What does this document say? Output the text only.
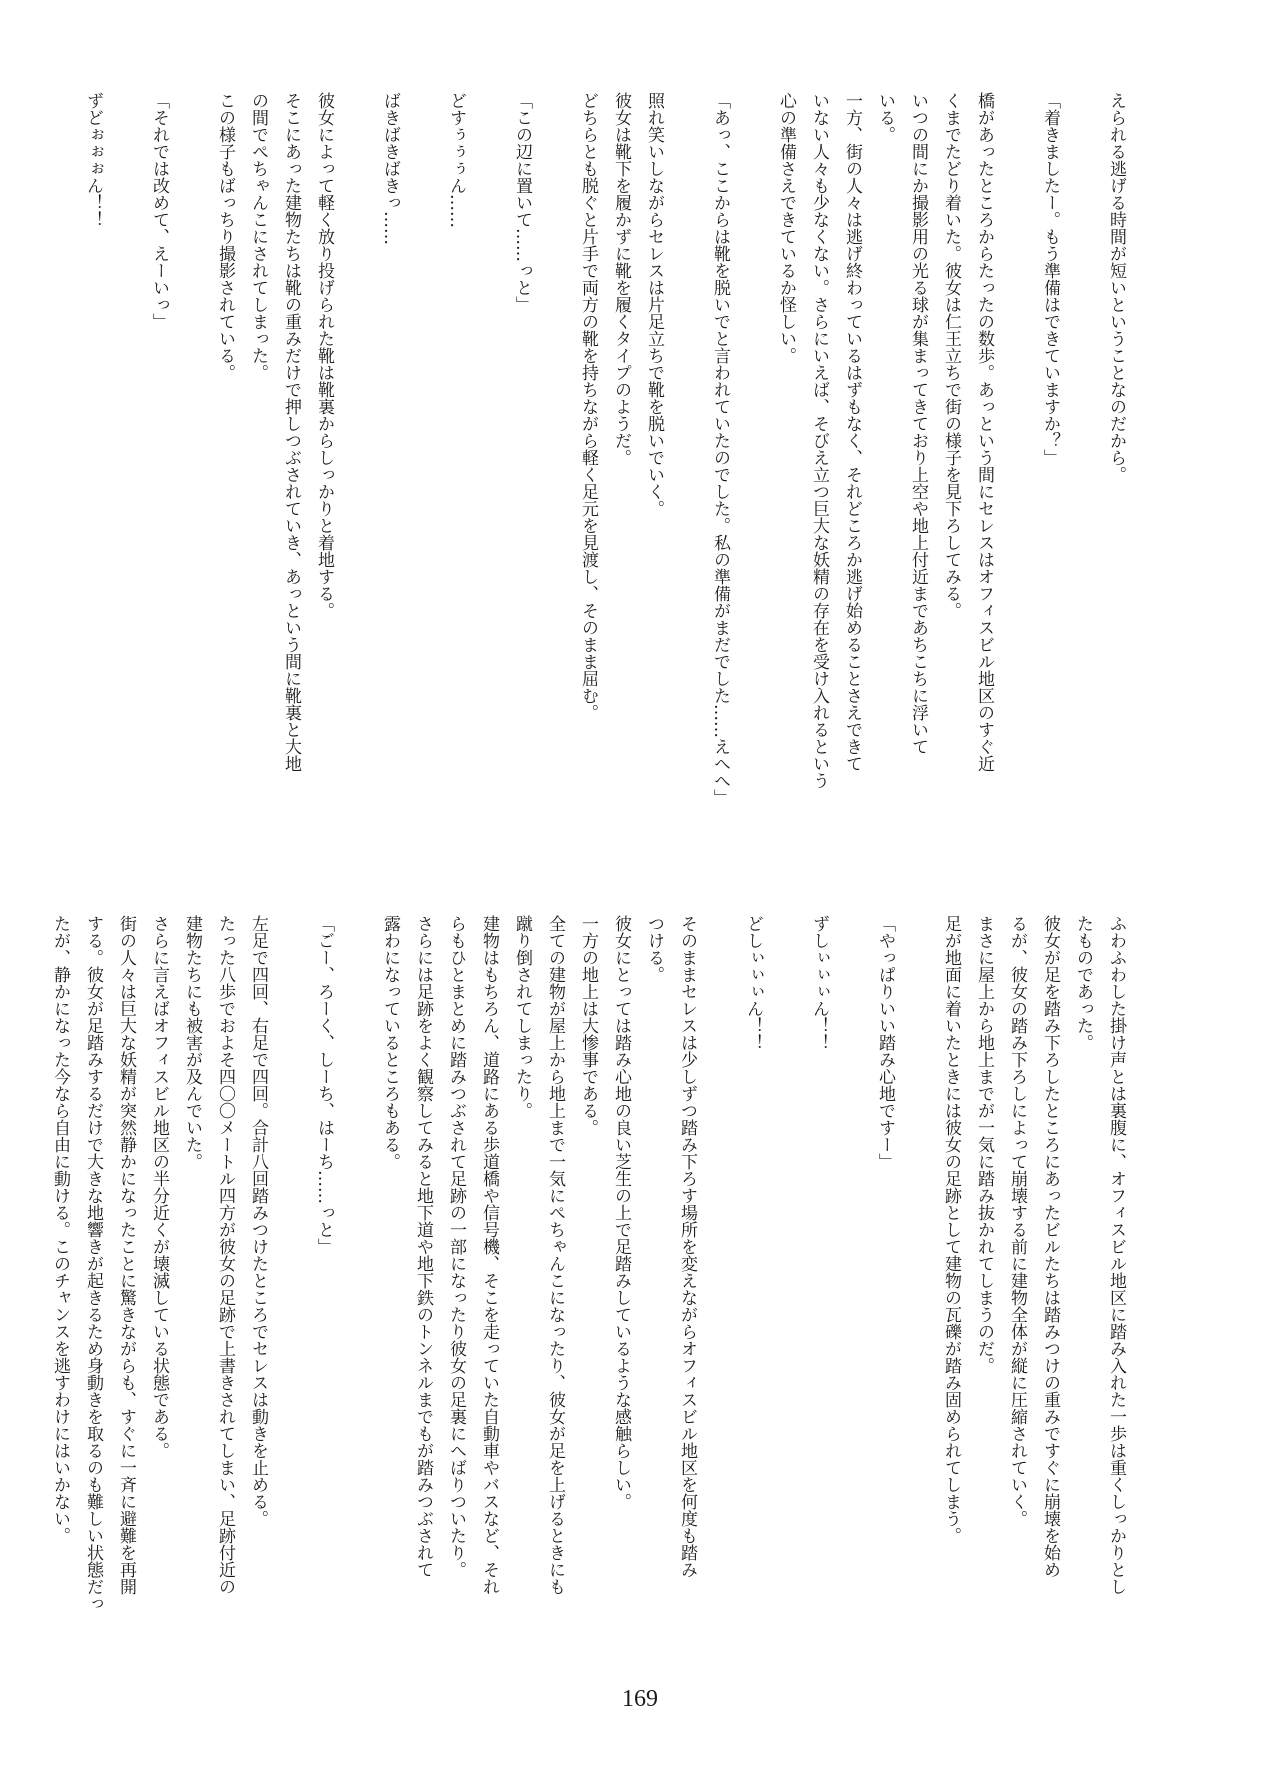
えられる逃げる時間が短いということなのだから。

「着きましたー。もう準備はできていますか？」

橋があったところからたったの数歩。あっという間にセレスはオフィスビル地区のすぐ近
くまでたどり着いた。彼女は仁王立ちで街の様子を見下ろしてみる。
いつの間にか撮影用の光る球が集まってきており上空や地上付近まであちこちに浮いて
いる。
一方、街の人々は逃げ終わっているはずもなく、それどころか逃げ始めることさえできて
いない人々も少なくない。さらにいえば、そびえ立つ巨大な妖精の存在を受け入れるという
心の準備さえできているか怪しい。

「あっ、ここからは靴を脱いでと言われていたのでした。私の準備がまだでした……えへへ」

照れ笑いしながらセレスは片足立ちで靴を脱いでいく。
彼女は靴下を履かずに靴を履くタイプのようだ。
どちらとも脱ぐと片手で両方の靴を持ちながら軽く足元を見渡し、そのまま屈む。

「この辺に置いて……っと」

どすぅぅぅん……

ばきばきばきっ……

彼女によって軽く放り投げられた靴は靴裏からしっかりと着地する。
そこにあった建物たちは靴の重みだけで押しつぶされていき、あっという間に靴裏と大地
の間でぺちゃんこにされてしまった。
この様子もばっちり撮影されている。

「それでは改めて、えーいっ」

ずどぉぉぉん！！
ふわふわした掛け声とは裏腹に、オフィスビル地区に踏み入れた一歩は重くしっかりとし
たものであった。
彼女が足を踏み下ろしたところにあったビルたちは踏みつけの重みですぐに崩壊を始め
るが、彼女の踏み下ろしによって崩壊する前に建物全体が縦に圧縮されていく。
まさに屋上から地上までが一気に踏み抜かれてしまうのだ。
足が地面に着いたときには彼女の足跡として建物の瓦礫が踏み固められてしまう。

「やっぱりいい踏み心地ですー」

ずしぃぃぃん！！

どしぃぃぃん！！

そのままセレスは少しずつ踏み下ろす場所を変えながらオフィスビル地区を何度も踏み
つける。
彼女にとっては踏み心地の良い芝生の上で足踏みしているような感触らしい。
一方の地上は大惨事である。
全ての建物が屋上から地上まで一気にぺちゃんこになったり、彼女が足を上げるときにも
蹴り倒されてしまったり。
建物はもちろん、道路にある歩道橋や信号機、そこを走っていた自動車やバスなど、それ
らもひとまとめに踏みつぶされて足跡の一部になったり彼女の足裏にへばりついたり。
さらには足跡をよく観察してみると地下道や地下鉄のトンネルまでもが踏みつぶされて
露わになっているところもある。

「ごー、ろーく、しーち、はーち……っと」

左足で四回、右足で四回。合計八回踏みつけたところでセレスは動きを止める。
たった八歩でおよそ四〇〇メートル四方が彼女の足跡で上書きされてしまい、足跡付近の
建物たちにも被害が及んでいた。
さらに言えばオフィスビル地区の半分近くが壊滅している状態である。
街の人々は巨大な妖精が突然静かになったことに驚きながらも、すぐに一斉に避難を再開
する。彼女が足踏みするだけで大きな地響きが起きるため身動きを取るのも難しい状態だっ
たが、静かになった今なら自由に動ける。このチャンスを逃すわけにはいかない。
169
